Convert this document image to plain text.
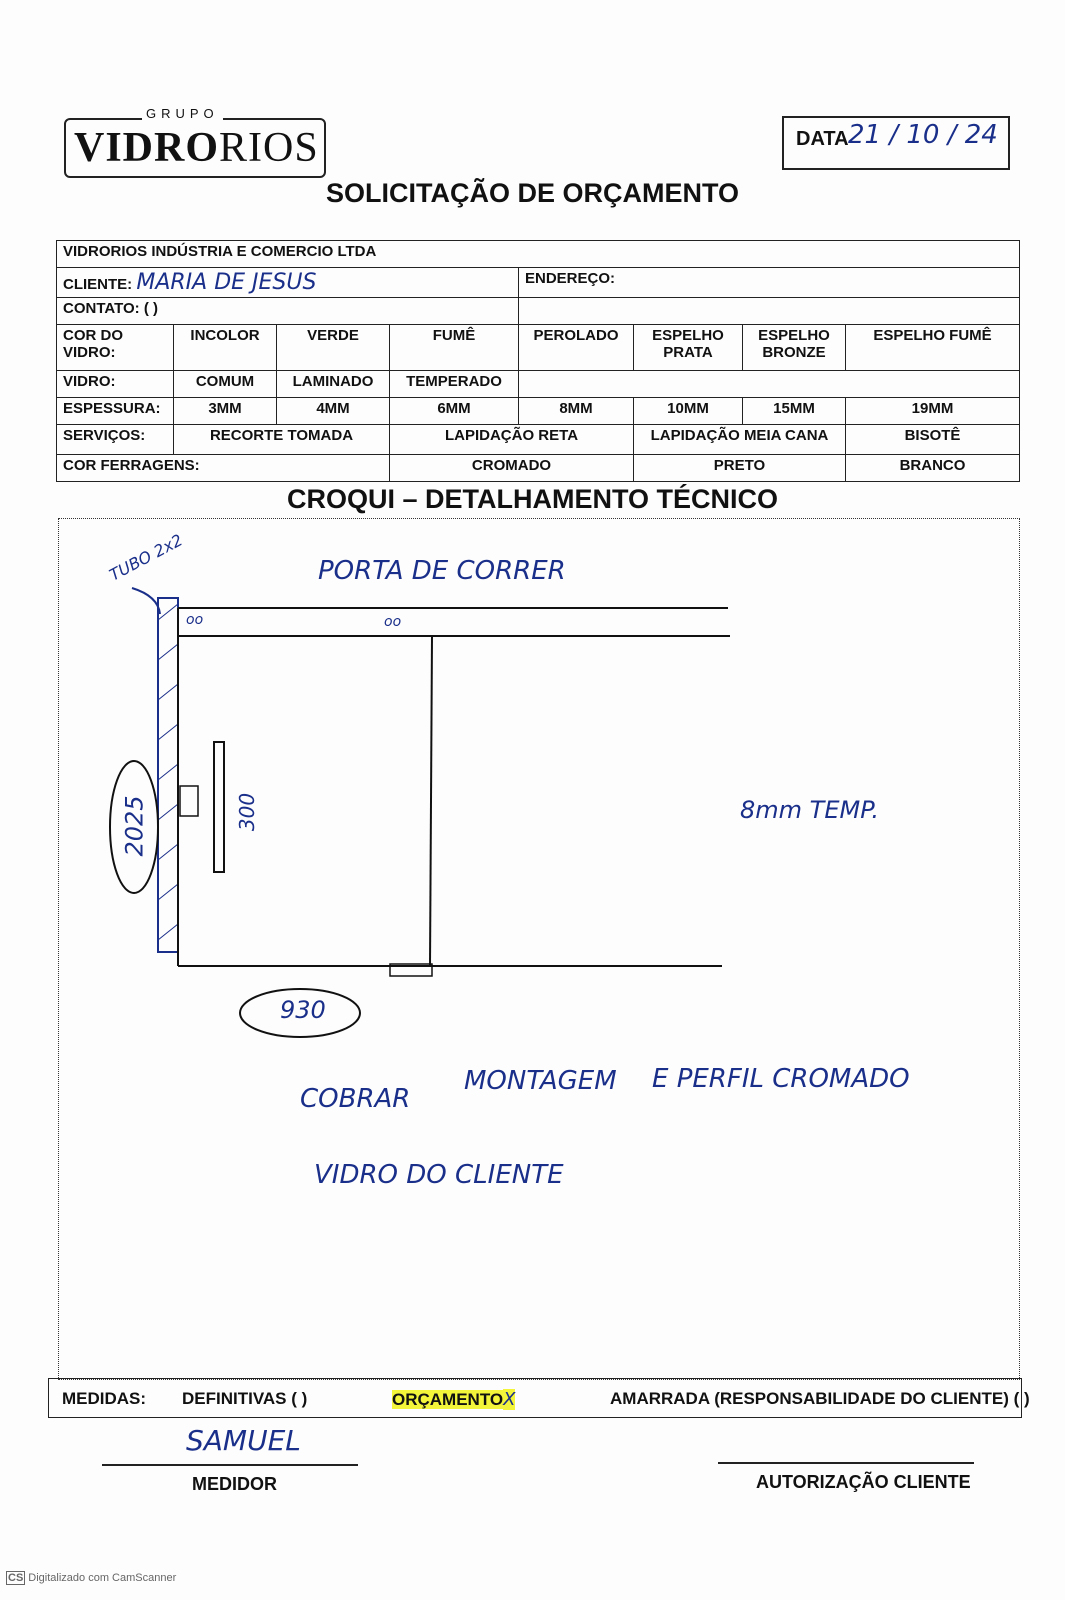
GRUPO
VIDRORIOS	DATA 21 / 10 / 24
SOLICITAÇÃO DE ORÇAMENTO
VIDRORIOS INDÚSTRIA E COMERCIO LTDA							
CLIENTE: MARIA DE JESUS				ENDEREÇO:			
CONTATO: ( )							
COR DO VIDRO:	INCOLOR	VERDE	FUMÊ	PEROLADO	ESPELHO PRATA	ESPELHO BRONZE	ESPELHO FUMÊ
VIDRO:	COMUM	LAMINADO	TEMPERADO				
ESPESSURA:	3MM	4MM	6MM	8MM	10MM	15MM	19MM
SERVIÇOS:	RECORTE TOMADA		LAPIDAÇÃO RETA		LAPIDAÇÃO MEIA CANA		BISOTÊ
COR FERRAGENS:			CROMADO		PRETO		BRANCO
CROQUI – DETALHAMENTO TÉCNICO
oo	oo
TUBO 2x2	PORTA DE CORRER
2025	300
930
8mm TEMP.
COBRAR
MONTAGEM E PERFIL CROMADO
VIDRO DO CLIENTE
MEDIDAS: DEFINITIVAS ( )	ORÇAMENTOX	AMARRADA (RESPONSABILIDADE DO CLIENTE) ( )
SAMUEL
MEDIDOR	AUTORIZAÇÃO CLIENTE
CS Digitalizado com CamScanner
